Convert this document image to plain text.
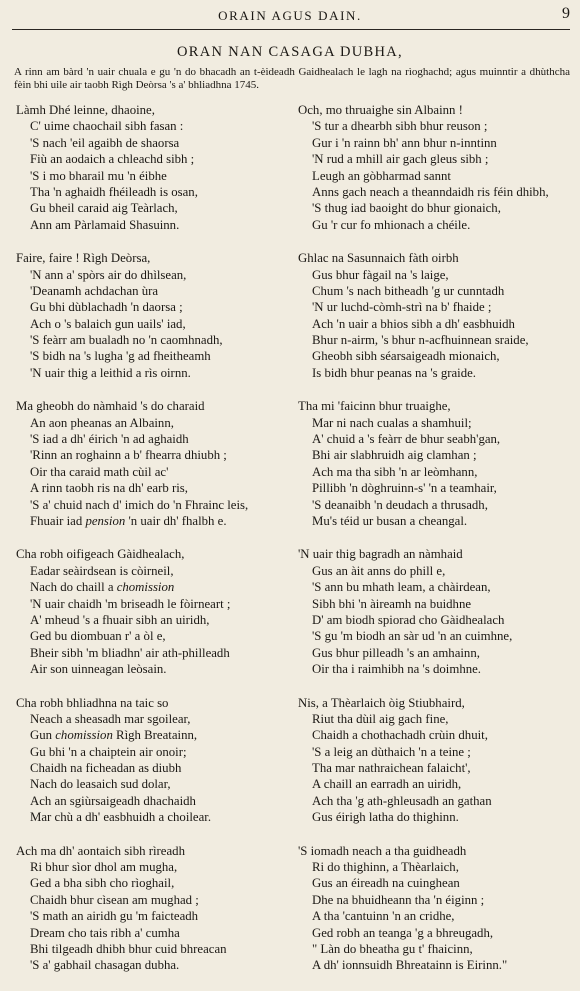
ORAIN AGUS DAIN.	9
ORAN NAN CASAGA DUBHA,
A rinn am bàrd 'n uair chuala e gu 'n do bhacadh an t-èideadh Gaidhealach le lagh na rìoghachd; agus muinntir a dhùthcha fèin bhi uile air taobh Rìgh Deòrsa 's a' bhliadhna 1745.
Làmh Dhé leinne, dhaoine,
C' uime chaochail sibh fasan :
'S nach 'eil agaibh de shaorsa
Fiù an aodaich a chleachd sibh ;
'S i mo bharail mu 'n éibhe
Tha 'n aghaidh fhéileadh is osan,
Gu bheil caraid aig Teàrlach,
Ann am Pàrlamaid Shasuinn.
Faire, faire ! Rìgh Deòrsa,
'N ann a' spòrs air do dhìlsean,
'Deanamh achdachan ùra
Gu bhi dùblachadh 'n daorsa ;
Ach o 's balaich gun uails' iad,
'S feàrr am bualadh no 'n caomhnadh,
'S bidh na 's lugha 'g ad fheitheamh
'N uair thig a leithid a rìs oirnn.
Ma gheobh do nàmhaid 's do charaid
An aon pheanas an Albainn,
'S iad a dh' éirich 'n ad aghaidh
'Rinn an roghainn a b' fhearra dhiubh ;
Oir tha caraid math cùil ac'
A rinn taobh ris na dh' earb ris,
'S a' chuid nach d' imich do 'n Fhrainc leis,
Fhuair iad pension 'n uair dh' fhalbh e.
Cha robh oifigeach Gàidhealach,
Eadar seàirdsean is còirneil,
Nach do chaill a chomission
'N uair chaidh 'm briseadh le fòirneart ;
A' mheud 's a fhuair sibh an uiridh,
Ged bu diombuan r' a òl e,
Bheir sibh 'm bliadhn' air ath-philleadh
Air son uinneagan leòsain.
Cha robh bhliadhna na taic so
Neach a sheasadh mar sgoilear,
Gun chomission Rìgh Breatainn,
Gu bhi 'n a chaiptein air onoir;
Chaidh na ficheadan as diubh
Nach do leasaich sud dolar,
Ach an sgiùrsaigeadh dhachaidh
Mar chù a dh' easbhuidh a choilear.
Ach ma dh' aontaich sibh rìreadh
Ri bhur sìor dhol am mugha,
Ged a bha sibh cho rìoghail,
Chaidh bhur cìsean am mughad ;
'S math an airidh gu 'm faicteadh
Dream cho tais ribh a' cumha
Bhi tilgeadh dhibh bhur cuid bhreacan
'S a' gabhail chasagan dubha.
Och, mo thruaighe sin Albainn !
'S tur a dhearbh sibh bhur reuson ;
Gur i 'n rainn bh' ann bhur n-inntinn
'N rud a mhill air gach gleus sibh ;
Leugh an gòbharmad sannt
Anns gach neach a theanndaidh ris féin dhibh,
'S thug iad baoight do bhur gionaich,
Gu 'r cur fo mhionach a chéile.
Ghlac na Sasunnaich fàth oirbh
Gus bhur fàgail na 's laige,
Chum 's nach bitheadh 'g ur cunntadh
'N ur luchd-còmh-strì na b' fhaide ;
Ach 'n uair a bhios sibh a dh' easbhuidh
Bhur n-airm, 's bhur n-acfhuinnean sraide,
Gheobh sibh séarsaigeadh mionaich,
Is bidh bhur peanas na 's graide.
Tha mi 'faicinn bhur truaighe,
Mar ni nach cualas a shamhuil;
A' chuid a 's feàrr de bhur seabh'gan,
Bhi air slabhruidh aig clamhan ;
Ach ma tha sibh 'n ar leòmhann,
Pillibh 'n dòghruinn-s' 'n a teamhair,
'S deanaibh 'n deudach a thrusadh,
Mu's téid ur busan a cheangal.
'N uair thig bagradh an nàmhaid
Gus an àit anns do phill e,
'S ann bu mhath leam, a chàirdean,
Sibh bhi 'n àireamh na buidhne
D' am biodh spiorad cho Gàidhealach
'S gu 'm biodh an sàr ud 'n an cuimhne,
Gus bhur pilleadh 's an amhainn,
Oir tha i raimhibh na 's doimhne.
Nis, a Thèarlaich òig Stiubhaird,
Riut tha dùil aig gach fine,
Chaidh a chothachadh crùin dhuit,
'S a leig an dùthaich 'n a teine ;
Tha mar nathraichean falaicht',
A chaill an earradh an uiridh,
Ach tha 'g ath-ghleusadh an gathan
Gus éirigh latha do thighinn.
'S iomadh neach a tha guidheadh
Ri do thighinn, a Thèarlaich,
Gus an éireadh na cuinghean
Dhe na bhuidheann tha 'n éiginn ;
A tha 'cantuinn 'n an cridhe,
Ged robh an teanga 'g a bhreugadh,
" Làn do bheatha gu t' fhaicinn,
A dh' ionnsuidh Bhreatainn is Eirinn."
